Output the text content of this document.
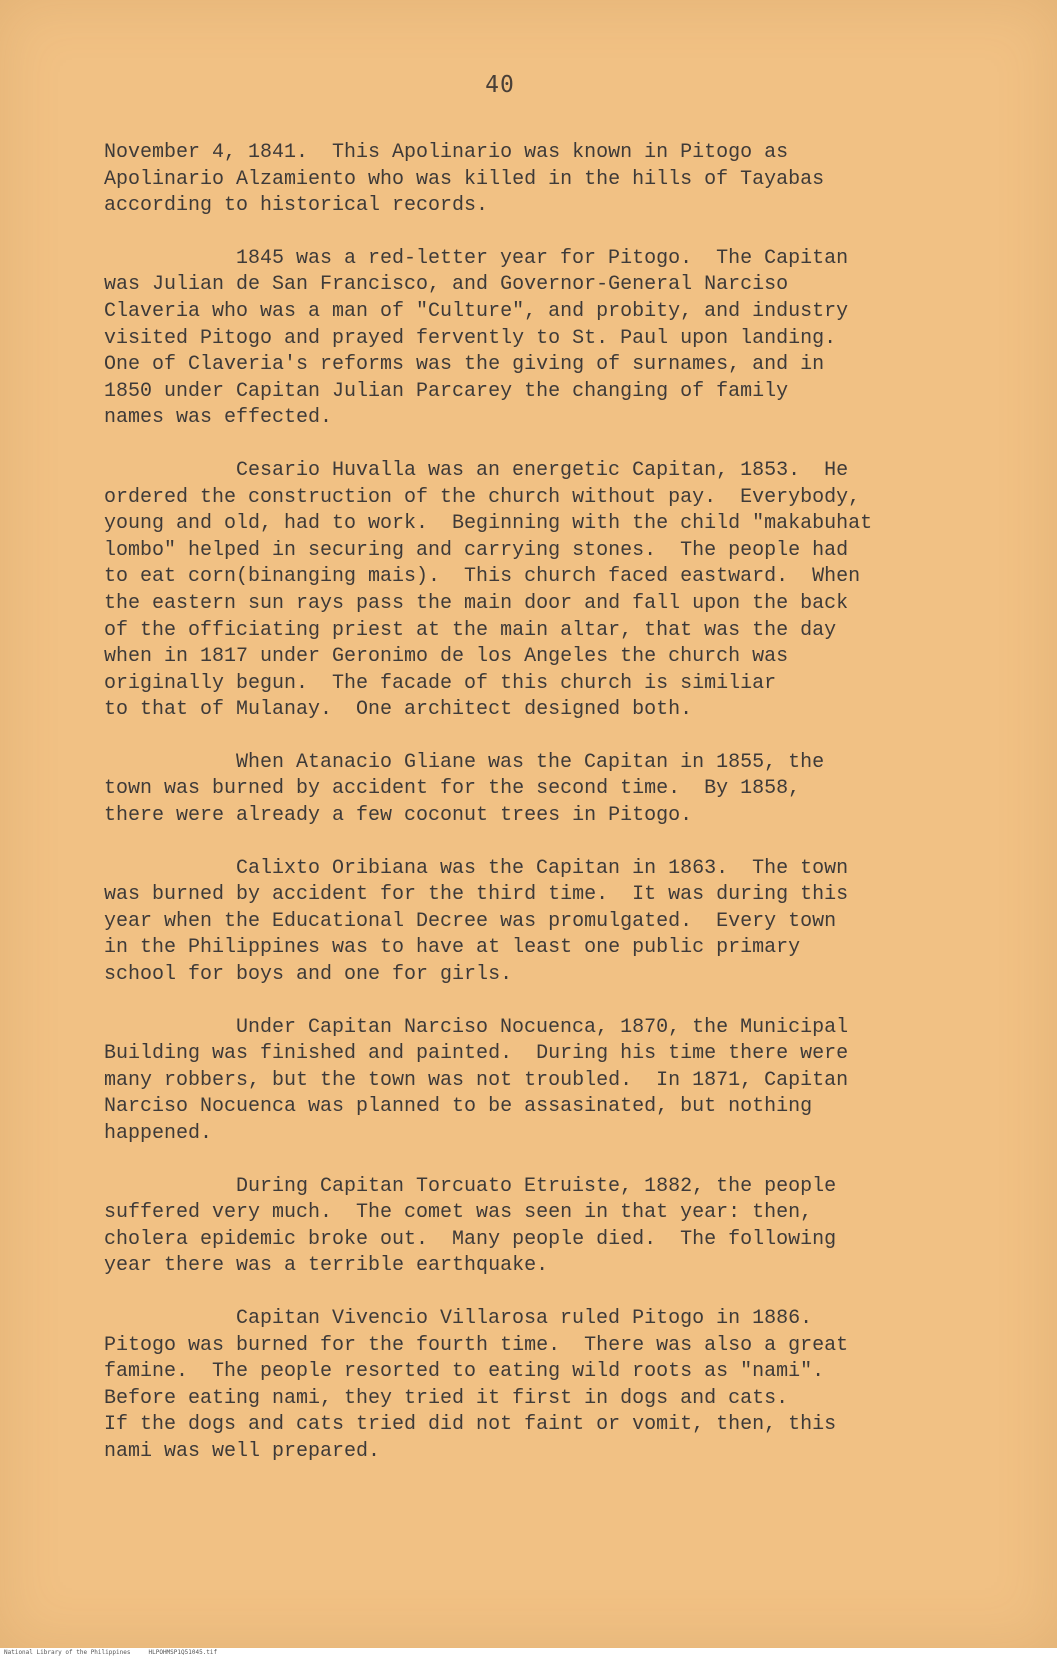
40

November 4, 1841.  This Apolinario was known in Pitogo as
Apolinario Alzamiento who was killed in the hills of Tayabas
according to historical records.

1845 was a red-letter year for Pitogo.  The Capitan
was Julian de San Francisco, and Governor-General Narciso
Claveria who was a man of "Culture", and probity, and industry
visited Pitogo and prayed fervently to St. Paul upon landing.
One of Claveria's reforms was the giving of surnames, and in
1850 under Capitan Julian Parcarey the changing of family
names was effected.

Cesario Huvalla was an energetic Capitan, 1853.  He
ordered the construction of the church without pay.  Everybody,
young and old, had to work.  Beginning with the child "makabuhat
lombo" helped in securing and carrying stones.  The people had
to eat corn(binanging mais).  This church faced eastward.  When
the eastern sun rays pass the main door and fall upon the back
of the officiating priest at the main altar, that was the day
when in 1817 under Geronimo de los Angeles the church was
originally begun.  The facade of this church is similiar
to that of Mulanay.  One architect designed both.

When Atanacio Gliane was the Capitan in 1855, the
town was burned by accident for the second time.  By 1858,
there were already a few coconut trees in Pitogo.

Calixto Oribiana was the Capitan in 1863.  The town
was burned by accident for the third time.  It was during this
year when the Educational Decree was promulgated.  Every town
in the Philippines was to have at least one public primary
school for boys and one for girls.

Under Capitan Narciso Nocuenca, 1870, the Municipal
Building was finished and painted.  During his time there were
many robbers, but the town was not troubled.  In 1871, Capitan
Narciso Nocuenca was planned to be assasinated, but nothing
happened.

During Capitan Torcuato Etruiste, 1882, the people
suffered very much.  The comet was seen in that year: then,
cholera epidemic broke out.  Many people died.  The following
year there was a terrible earthquake.

Capitan Vivencio Villarosa ruled Pitogo in 1886.
Pitogo was burned for the fourth time.  There was also a great
famine.  The people resorted to eating wild roots as "nami".
Before eating nami, they tried it first in dogs and cats.
If the dogs and cats tried did not faint or vomit, then, this
nami was well prepared.

National Library of the Philippines     HLPOHMSP1Q51045.tif
